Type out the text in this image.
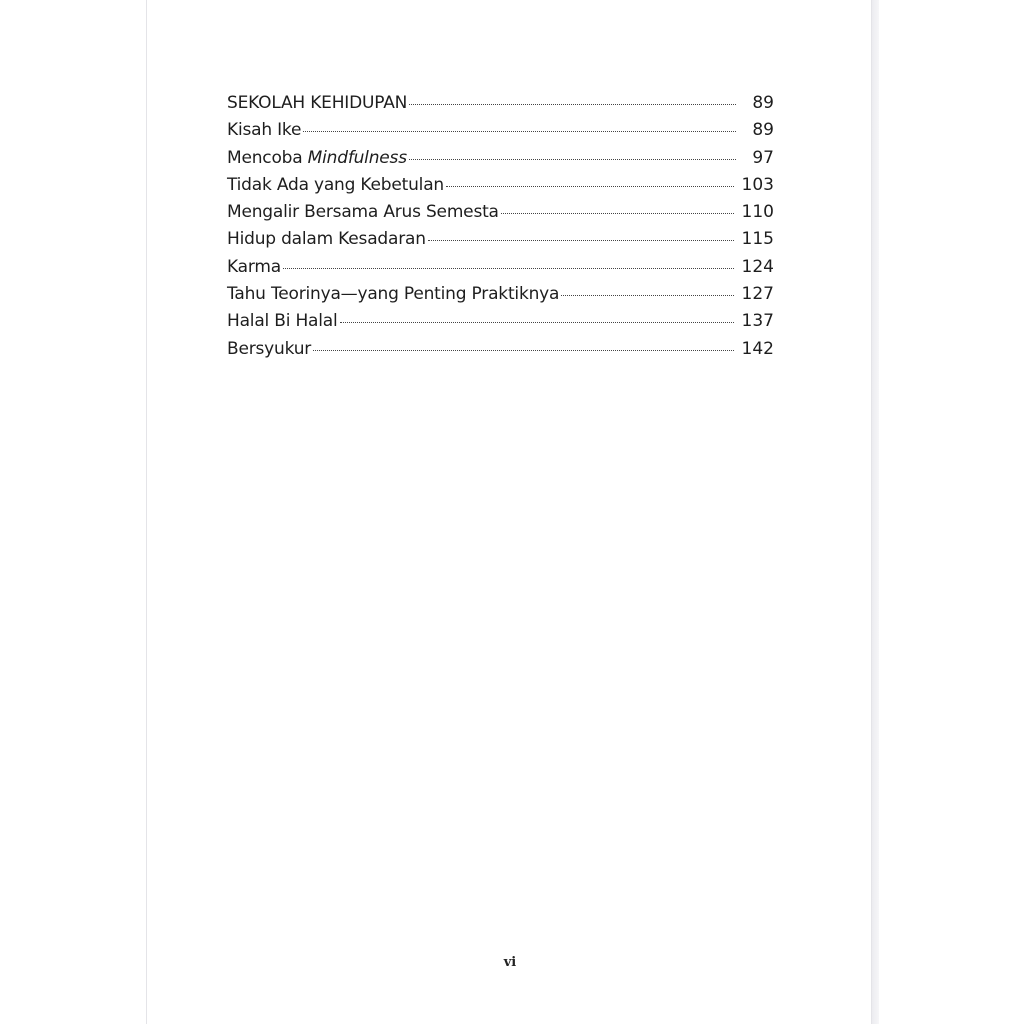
SEKOLAH KEHIDUPAN	89
Kisah Ike	89
Mencoba Mindfulness	97
Tidak Ada yang Kebetulan	103
Mengalir Bersama Arus Semesta	110
Hidup dalam Kesadaran	115
Karma	124
Tahu Teorinya—yang Penting Praktiknya	127
Halal Bi Halal	137
Bersyukur	142
vi
